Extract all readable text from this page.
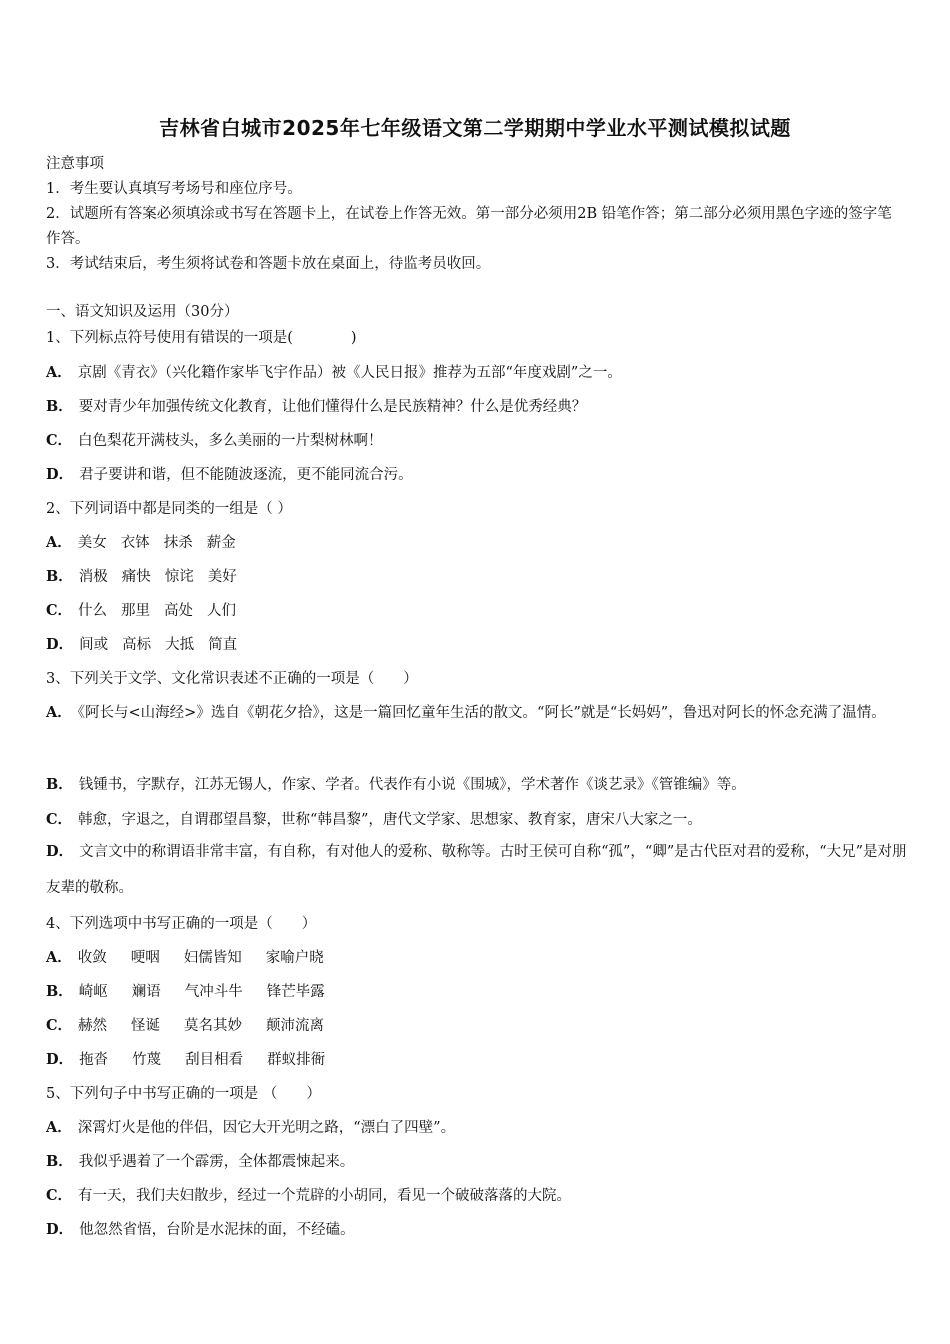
吉林省白城市2025年七年级语文第二学期期中学业水平测试模拟试题
注意事项
1．考生要认真填写考场号和座位序号。
2．试题所有答案必须填涂或书写在答题卡上，在试卷上作答无效。第一部分必须用2B 铅笔作答；第二部分必须用黑色字迹的签字笔作答。
3．考试结束后，考生须将试卷和答题卡放在桌面上，待监考员收回。
一、语文知识及运用（30分）
1、下列标点符号使用有错误的一项是(　　　　)
A． 京剧《青衣》（兴化籍作家毕飞宇作品）被《人民日报》推荐为五部“年度戏剧”之一。
B． 要对青少年加强传统文化教育，让他们懂得什么是民族精神？什么是优秀经典？
C． 白色梨花开满枝头，多么美丽的一片梨树林啊！
D． 君子要讲和谐，但不能随波逐流，更不能同流合污。
2、下列词语中都是同类的一组是（ ）
A． 美女 衣钵 抹杀 薪金
B． 消极 痛快 惊诧 美好
C． 什么 那里 高处 人们
D． 间或 高标 大抵 简直
3、下列关于文学、文化常识表述不正确的一项是（　　）
A． 《阿长与<山海经>》选自《朝花夕拾》，这是一篇回忆童年生活的散文。“阿长”就是“长妈妈”，鲁迅对阿长的怀念充满了温情。
B． 钱锺书，字默存，江苏无锡人，作家、学者。代表作有小说《围城》，学术著作《谈艺录》《管锥编》等。
C． 韩愈，字退之，自谓郡望昌黎，世称“韩昌黎”，唐代文学家、思想家、教育家，唐宋八大家之一。
D． 文言文中的称谓语非常丰富，有自称，有对他人的爱称、敬称等。古时王侯可自称“孤”，“卿”是古代臣对君的爱称，“大兄”是对朋友辈的敬称。
4、下列选项中书写正确的一项是（　　）
A． 收敛 哽咽 妇儒皆知 家喻户晓
B． 崎岖 斓语 气冲斗牛 锋芒毕露
C． 赫然 怪诞 莫名其妙 颠沛流离
D． 拖沓 竹蔑 刮目相看 群蚁排衙
5、下列句子中书写正确的一项是 （　　）
A． 深霄灯火是他的伴侣，因它大开光明之路，“漂白了四壁”。
B． 我似乎遇着了一个霹雳，全体都震悚起来。
C． 有一天，我们夫妇散步，经过一个荒辟的小胡同，看见一个破破落落的大院。
D． 他忽然省悟，台阶是水泥抹的面，不经磕。
